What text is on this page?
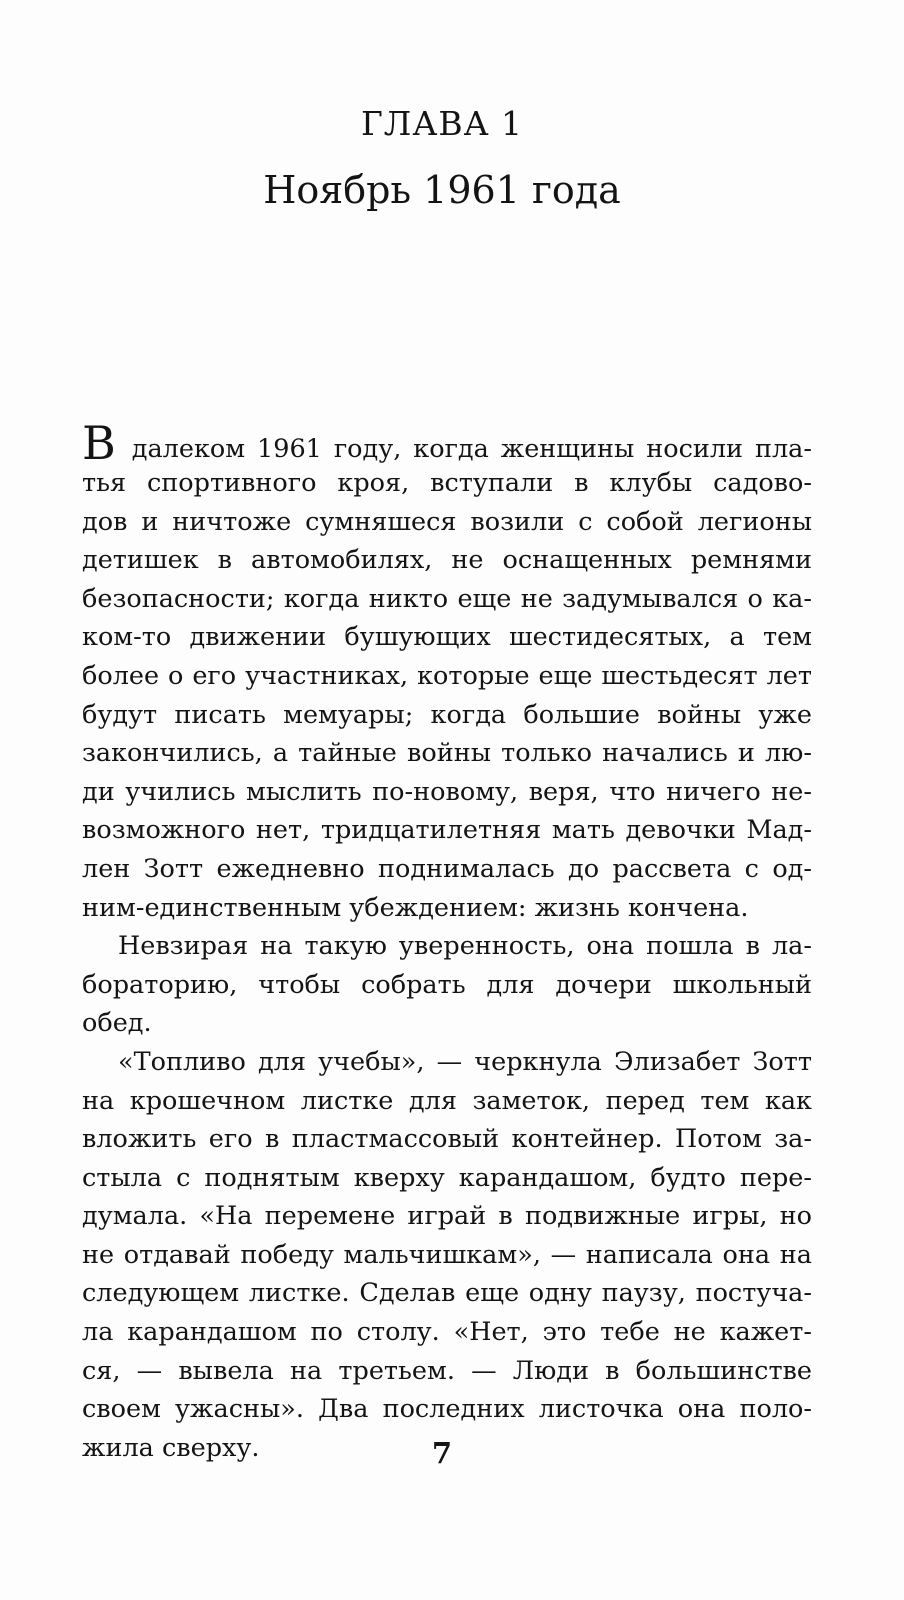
ГЛАВА 1
Ноябрь 1961 года
В далеком 1961 году, когда женщины носили пла-
тья спортивного кроя, вступали в клубы садово-
дов и ничтоже сумняшеся возили с собой легионы
детишек в автомобилях, не оснащенных ремнями
безопасности; когда никто еще не задумывался о ка-
ком-то движении бушующих шестидесятых, а тем
более о его участниках, которые еще шестьдесят лет
будут писать мемуары; когда большие войны уже
закончились, а тайные войны только начались и лю-
ди учились мыслить по-новому, веря, что ничего не-
возможного нет, тридцатилетняя мать девочки Мад-
лен Зотт ежедневно поднималась до рассвета с од-
ним-единственным убеждением: жизнь кончена.
Невзирая на такую уверенность, она пошла в ла-
бораторию, чтобы собрать для дочери школьный
обед.
«Топливо для учебы», — черкнула Элизабет Зотт
на крошечном листке для заметок, перед тем как
вложить его в пластмассовый контейнер. Потом за-
стыла с поднятым кверху карандашом, будто пере-
думала. «На перемене играй в подвижные игры, но
не отдавай победу мальчишкам», — написала она на
следующем листке. Сделав еще одну паузу, постуча-
ла карандашом по столу. «Нет, это тебе не кажет-
ся, — вывела на третьем. — Люди в большинстве
своем ужасны». Два последних листочка она поло-
жила сверху.	7
